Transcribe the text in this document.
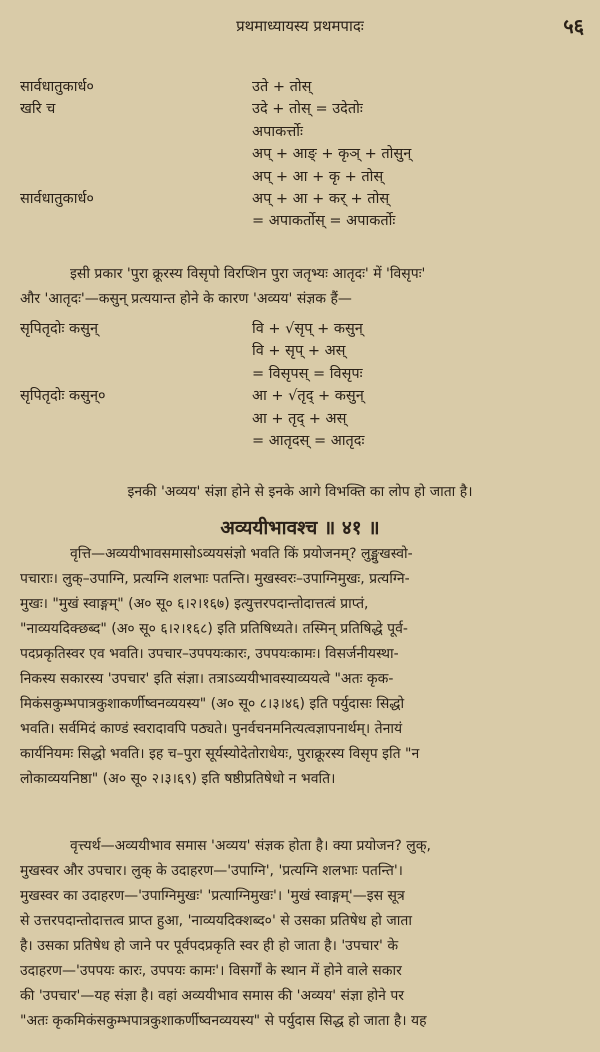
प्रथमाध्यायस्य प्रथमपादः	५६
सार्वधातुकार्ध०	उते + तोस्
खरि च	उदे + तोस् = उदेतोः
अपाकर्त्तोः
अप् + आङ् + कृञ् + तोसुन्
अप् + आ + कृ + तोस्
सार्वधातुकार्ध०	अप् + आ + कर् + तोस्
= अपाकर्तोस् = अपाकर्तोः
इसी प्रकार 'पुरा क्रूरस्य विसृपो विरप्शिन पुरा जतृभ्यः आतृदः' में 'विसृपः'
और 'आतृदः'—कसुन् प्रत्ययान्त होने के कारण 'अव्यय' संज्ञक हैं—
सृपितृदोः कसुन्	वि + √सृप् + कसुन्
वि + सृप् + अस्
= विसृपस् = विसृपः
सृपितृदोः कसुन्०	आ + √तृद् + कसुन्
आ + तृद् + अस्
= आतृदस् = आतृदः
इनकी 'अव्यय' संज्ञा होने से इनके आगे विभक्ति का लोप हो जाता है।
अव्ययीभावश्च ॥ ४१ ॥
वृत्ति—अव्ययीभावसमासोऽव्ययसंज्ञो भवति किं प्रयोजनम्? लुङ्मुखस्वो-
पचाराः। लुक्–उपाग्नि, प्रत्यग्नि शलभाः पतन्ति। मुखस्वरः–उपाग्निमुखः, प्रत्यग्नि-
मुखः। "मुखं स्वाङ्गम्" (अ० सू० ६।२।१६७) इत्युत्तरपदान्तोदात्तत्वं प्राप्तं,
"नाव्ययदिक्छब्द" (अ० सू० ६।२।१६८) इति प्रतिषिध्यते। तस्मिन् प्रतिषिद्धे पूर्व-
पदप्रकृतिस्वर एव भवति। उपचार–उपपयःकारः, उपपयःकामः। विसर्जनीयस्था-
निकस्य सकारस्य 'उपचार' इति संज्ञा। तत्राऽव्ययीभावस्याव्ययत्वे "अतः कृक-
मिकंसकुम्भपात्रकुशाकर्णीष्वनव्ययस्य" (अ० सू० ८।३।४६) इति पर्युदासः सिद्धो
भवति। सर्वमिदं काण्डं स्वरादावपि पठ्यते। पुनर्वचनमनित्यत्वज्ञापनार्थम्। तेनायं
कार्यनियमः सिद्धो भवति। इह च–पुरा सूर्यस्योदेतोराधेयः, पुराक्रूरस्य विसृप इति "न
लोकाव्ययनिष्ठा" (अ० सू० २।३।६९) इति षष्ठीप्रतिषेधो न भवति।
वृत्त्यर्थ—अव्ययीभाव समास 'अव्यय' संज्ञक होता है। क्या प्रयोजन? लुक्,
मुखस्वर और उपचार। लुक् के उदाहरण—'उपाग्नि', 'प्रत्यग्नि शलभाः पतन्ति'।
मुखस्वर का उदाहरण—'उपाग्निमुखः' 'प्रत्याग्निमुखः'। 'मुखं स्वाङ्गम्'—इस सूत्र
से उत्तरपदान्तोदात्तत्व प्राप्त हुआ, 'नाव्ययदिक्शब्द०' से उसका प्रतिषेध हो जाता
है। उसका प्रतिषेध हो जाने पर पूर्वपदप्रकृति स्वर ही हो जाता है। 'उपचार' के
उदाहरण—'उपपयः कारः, उपपयः कामः'। विसर्गों के स्थान में होने वाले सकार
की 'उपचार'—यह संज्ञा है। वहां अव्ययीभाव समास की 'अव्यय' संज्ञा होने पर
"अतः कृकमिकंसकुम्भपात्रकुशाकर्णीष्वनव्ययस्य" से पर्युदास सिद्ध हो जाता है। यह
